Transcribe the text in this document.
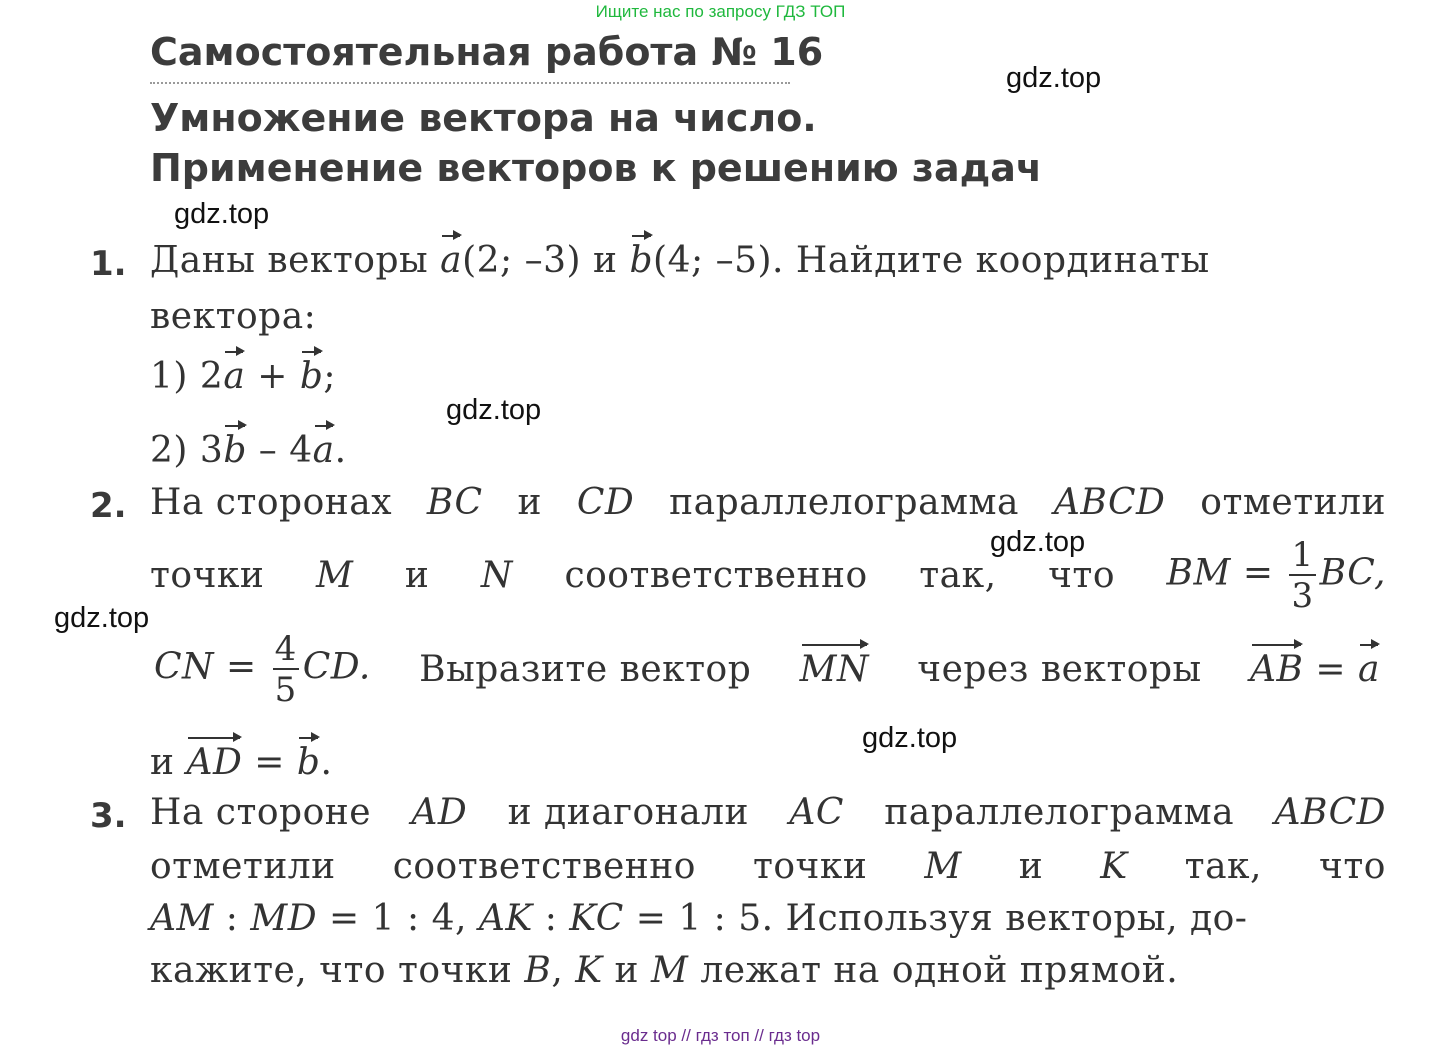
Ищите нас по запросу ГДЗ ТОП
gdz top // гдз топ // гдз top
gdz.top
gdz.top
gdz.top
gdz.top
gdz.top
gdz.top
Самостоятельная работа № 16
Умножение вектора на число.
Применение векторов к решению задач
1. Даны векторы a(2; –3) и b(4; –5). Найдите координаты
вектора:
1) 2a + b;
2) 3b – 4a.
2. На сторонах BC и CD параллелограмма ABCD отметили
точки M и N соответственно так, что BM = $\frac{1}{3}$ BC,
CN = $\frac{4}{5}$ CD. Выразите вектор MN через векторы AB = a
и AD = b.
3. На стороне AD и диагонали AC параллелограмма ABCD
отметили соответственно точки M и K так, что
AM : MD = 1 : 4, AK : KC = 1 : 5. Используя векторы, до-
кажите, что точки B, K и M лежат на одной прямой.
